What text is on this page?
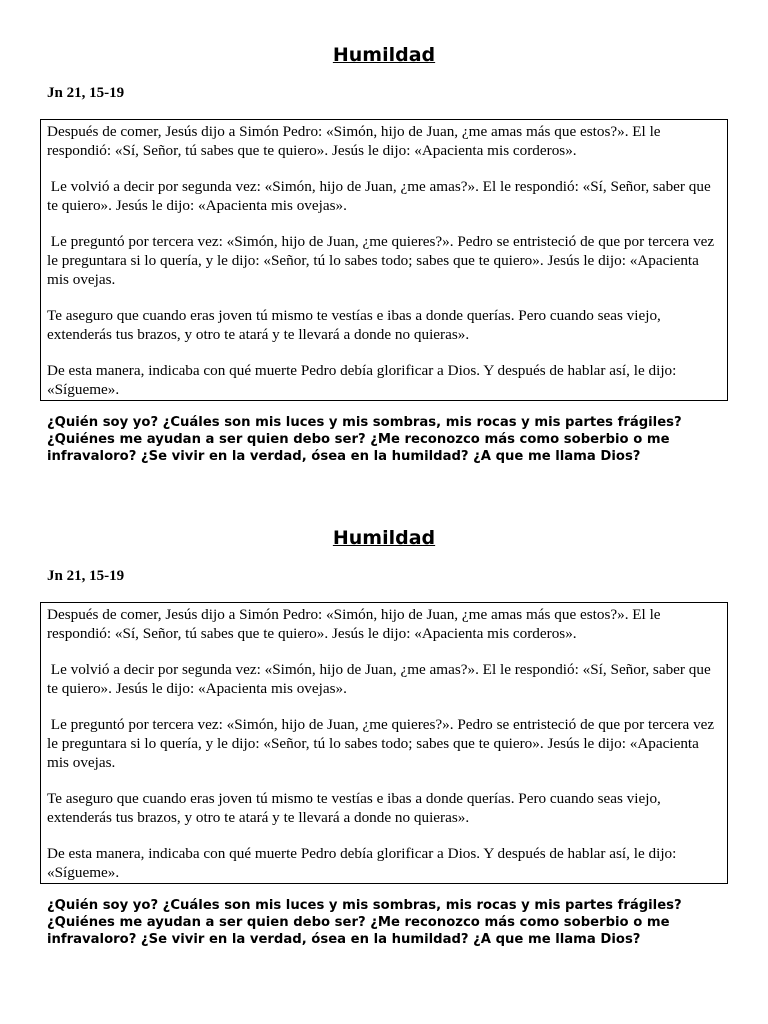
Humildad

Jn 21, 15-19

Después de comer, Jesús dijo a Simón Pedro: «Simón, hijo de Juan, ¿me amas más que estos?». El le respondió: «Sí, Señor, tú sabes que te quiero». Jesús le dijo: «Apacienta mis corderos».

Le volvió a decir por segunda vez: «Simón, hijo de Juan, ¿me amas?». El le respondió: «Sí, Señor, saber que te quiero». Jesús le dijo: «Apacienta mis ovejas».

Le preguntó por tercera vez: «Simón, hijo de Juan, ¿me quieres?». Pedro se entristeció de que por tercera vez le preguntara si lo quería, y le dijo: «Señor, tú lo sabes todo; sabes que te quiero». Jesús le dijo: «Apacienta mis ovejas.

Te aseguro que cuando eras joven tú mismo te vestías e ibas a donde querías. Pero cuando seas viejo, extenderás tus brazos, y otro te atará y te llevará a donde no quieras».

De esta manera, indicaba con qué muerte Pedro debía glorificar a Dios. Y después de hablar así, le dijo: «Sígueme».

¿Quién soy yo? ¿Cuáles son mis luces y mis sombras, mis rocas y mis partes frágiles? ¿Quiénes me ayudan a ser quien debo ser? ¿Me reconozco más como soberbio o me infravaloro? ¿Se vivir en la verdad, ósea en la humildad? ¿A que me llama Dios?

Humildad

Jn 21, 15-19

Después de comer, Jesús dijo a Simón Pedro: «Simón, hijo de Juan, ¿me amas más que estos?». El le respondió: «Sí, Señor, tú sabes que te quiero». Jesús le dijo: «Apacienta mis corderos».

Le volvió a decir por segunda vez: «Simón, hijo de Juan, ¿me amas?». El le respondió: «Sí, Señor, saber que te quiero». Jesús le dijo: «Apacienta mis ovejas».

Le preguntó por tercera vez: «Simón, hijo de Juan, ¿me quieres?». Pedro se entristeció de que por tercera vez le preguntara si lo quería, y le dijo: «Señor, tú lo sabes todo; sabes que te quiero». Jesús le dijo: «Apacienta mis ovejas.

Te aseguro que cuando eras joven tú mismo te vestías e ibas a donde querías. Pero cuando seas viejo, extenderás tus brazos, y otro te atará y te llevará a donde no quieras».

De esta manera, indicaba con qué muerte Pedro debía glorificar a Dios. Y después de hablar así, le dijo: «Sígueme».

¿Quién soy yo? ¿Cuáles son mis luces y mis sombras, mis rocas y mis partes frágiles? ¿Quiénes me ayudan a ser quien debo ser? ¿Me reconozco más como soberbio o me infravaloro? ¿Se vivir en la verdad, ósea en la humildad? ¿A que me llama Dios?
